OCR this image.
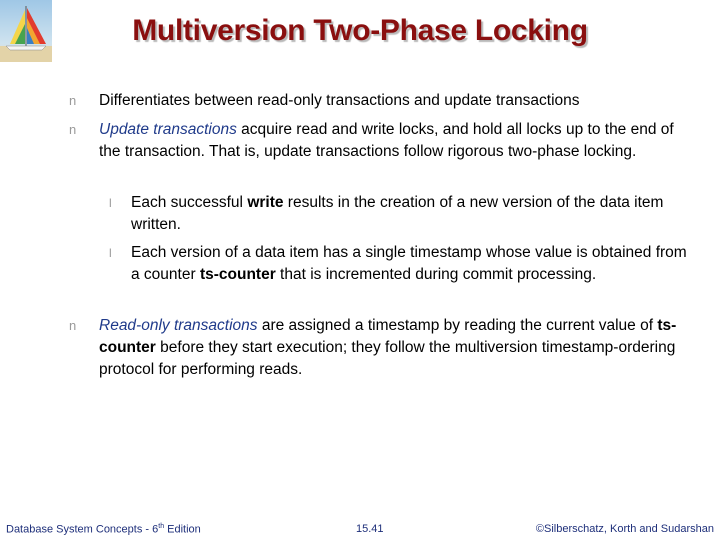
Multiversion Two-Phase Locking
n Differentiates between read-only transactions and update transactions
n Update transactions acquire read and write locks, and hold all locks up to the end of the transaction. That is, update transactions follow rigorous two-phase locking.
l Each successful write results in the creation of a new version of the data item written.
l Each version of a data item has a single timestamp whose value is obtained from a counter ts-counter that is incremented during commit processing.
n Read-only transactions are assigned a timestamp by reading the current value of ts-counter before they start execution; they follow the multiversion timestamp-ordering protocol for performing reads.
Database System Concepts - 6th Edition	15.41	©Silberschatz, Korth and Sudarshan
